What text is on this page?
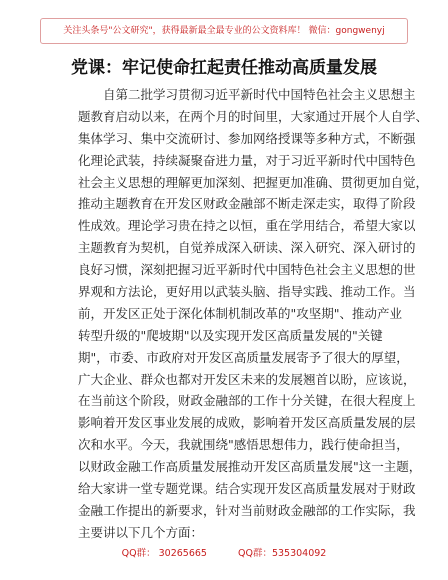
关注头条号"公文研究"，获得最新最全最专业的公文资料库！ 微信：gongwenyj
党课：牢记使命扛起责任推动高质量发展
自第二批学习贯彻习近平新时代中国特色社会主义思想主
题教育启动以来，在两个月的时间里，大家通过开展个人自学、
集体学习、集中交流研讨、参加网络授课等多种方式，不断强
化理论武装，持续凝聚奋进力量，对于习近平新时代中国特色
社会主义思想的理解更加深刻、把握更加准确、贯彻更加自觉，
推动主题教育在开发区财政金融部不断走深走实，取得了阶段
性成效。理论学习贵在持之以恒，重在学用结合，希望大家以
主题教育为契机，自觉养成深入研读、深入研究、深入研讨的
良好习惯，深刻把握习近平新时代中国特色社会主义思想的世
界观和方法论，更好用以武装头脑、指导实践、推动工作。当
前，开发区正处于深化体制机制改革的"攻坚期"、推动产业
转型升级的"爬坡期"以及实现开发区高质量发展的"关键
期"，市委、市政府对开发区高质量发展寄予了很大的厚望，
广大企业、群众也都对开发区未来的发展翘首以盼，应该说，
在当前这个阶段，财政金融部的工作十分关键，在很大程度上
影响着开发区事业发展的成败，影响着开发区高质量发展的层
次和水平。今天，我就围绕"感悟思想伟力，践行使命担当，
以财政金融工作高质量发展推动开发区高质量发展"这一主题，
给大家讲一堂专题党课。结合实现开发区高质量发展对于财政
金融工作提出的新要求，针对当前财政金融部的工作实际，我
主要讲以下几个方面：
QQ群： 30265665	QQ群：535304092
